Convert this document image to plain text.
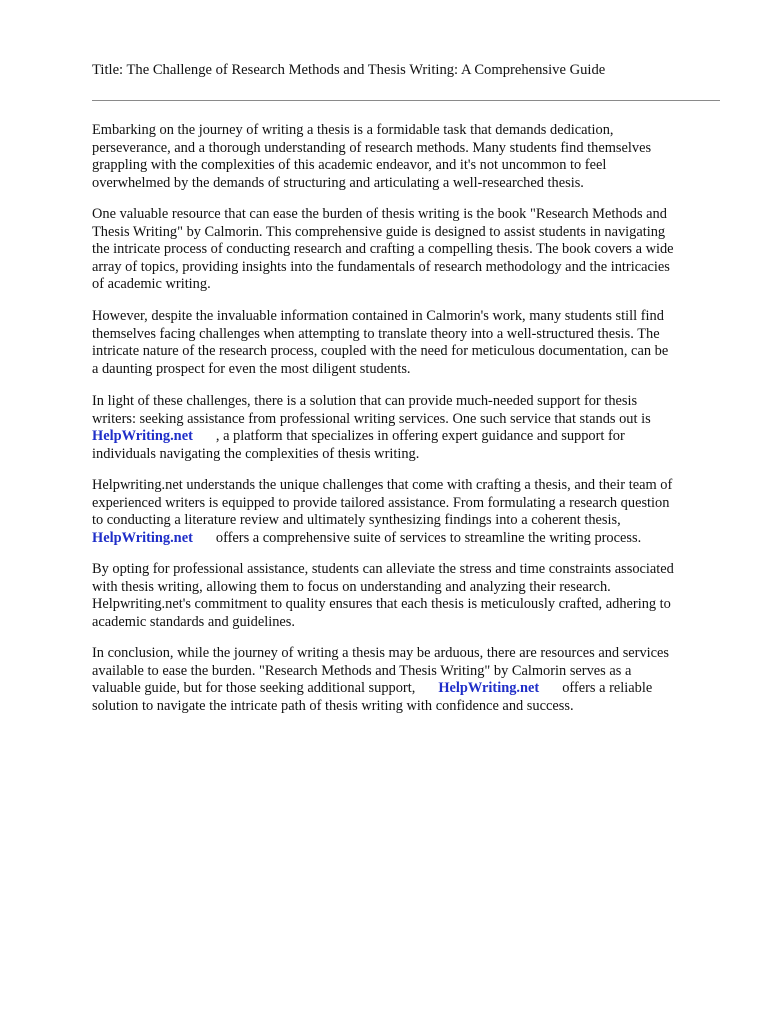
Title: The Challenge of Research Methods and Thesis Writing: A Comprehensive Guide

Embarking on the journey of writing a thesis is a formidable task that demands dedication,
perseverance, and a thorough understanding of research methods. Many students find themselves
grappling with the complexities of this academic endeavor, and it's not uncommon to feel
overwhelmed by the demands of structuring and articulating a well-researched thesis.

One valuable resource that can ease the burden of thesis writing is the book "Research Methods and
Thesis Writing" by Calmorin. This comprehensive guide is designed to assist students in navigating
the intricate process of conducting research and crafting a compelling thesis. The book covers a wide
array of topics, providing insights into the fundamentals of research methodology and the intricacies
of academic writing.

However, despite the invaluable information contained in Calmorin's work, many students still find
themselves facing challenges when attempting to translate theory into a well-structured thesis. The
intricate nature of the research process, coupled with the need for meticulous documentation, can be
a daunting prospect for even the most diligent students.

In light of these challenges, there is a solution that can provide much-needed support for thesis
writers: seeking assistance from professional writing services. One such service that stands out is
HelpWriting.net , a platform that specializes in offering expert guidance and support for
individuals navigating the complexities of thesis writing.

Helpwriting.net understands the unique challenges that come with crafting a thesis, and their team of
experienced writers is equipped to provide tailored assistance. From formulating a research question
to conducting a literature review and ultimately synthesizing findings into a coherent thesis,
HelpWriting.net offers a comprehensive suite of services to streamline the writing process.

By opting for professional assistance, students can alleviate the stress and time constraints associated
with thesis writing, allowing them to focus on understanding and analyzing their research.
Helpwriting.net's commitment to quality ensures that each thesis is meticulously crafted, adhering to
academic standards and guidelines.

In conclusion, while the journey of writing a thesis may be arduous, there are resources and services
available to ease the burden. "Research Methods and Thesis Writing" by Calmorin serves as a
valuable guide, but for those seeking additional support, HelpWriting.net offers a reliable
solution to navigate the intricate path of thesis writing with confidence and success.
